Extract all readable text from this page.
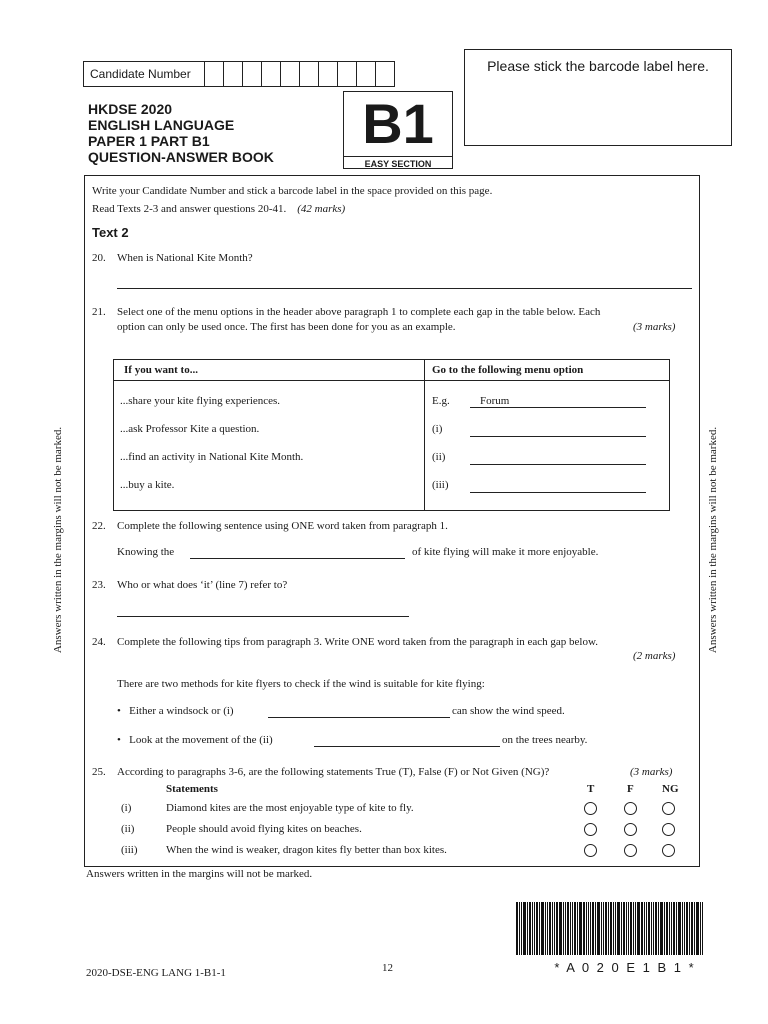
Candidate Number	Please stick the barcode label here.
HKDSE 2020
ENGLISH LANGUAGE
PAPER 1 PART B1
QUESTION-ANSWER BOOK
B1
EASY SECTION
Write your Candidate Number and stick a barcode label in the space provided on this page.
Read Texts 2-3 and answer questions 20-41. (42 marks)
Text 2
20. When is National Kite Month?
21. Select one of the menu options in the header above paragraph 1 to complete each gap in the table below. Each
option can only be used once. The first has been done for you as an example.	(3 marks)
If you want to...	Go to the following menu option
...share your kite flying experiences.	E.g.	Forum
...ask Professor Kite a question.	(i)
...find an activity in National Kite Month.	(ii)
...buy a kite.	(iii)
22. Complete the following sentence using ONE word taken from paragraph 1.
Knowing the	of kite flying will make it more enjoyable.
23. Who or what does ‘it’ (line 7) refer to?
24. Complete the following tips from paragraph 3. Write ONE word taken from the paragraph in each gap below.
(2 marks)
There are two methods for kite flyers to check if the wind is suitable for kite flying:
•   Either a windsock or (i)	can show the wind speed.
•   Look at the movement of the (ii)	on the trees nearby.
25. According to paragraphs 3-6, are the following statements True (T), False (F) or Not Given (NG)?	(3 marks)
Statements	T	F	NG
(i)	Diamond kites are the most enjoyable type of kite to fly.
(ii)	People should avoid flying kites on beaches.
(iii)	When the wind is weaker, dragon kites fly better than box kites.
Answers written in the margins will not be marked.
2020-DSE-ENG LANG 1-B1-1	12
Answers written in the margins will not be marked.	Answers written in the margins will not be marked.
* A 0 2 0 E 1 B 1 *
